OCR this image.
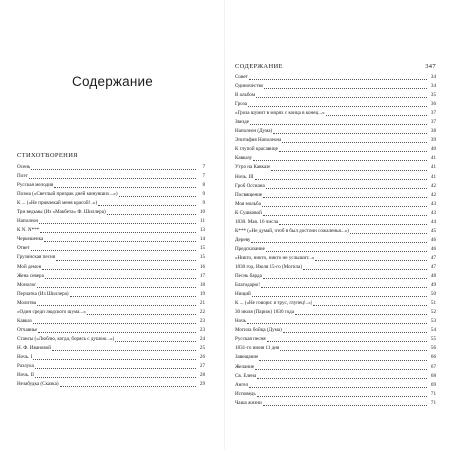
Содержание
СТИХОТВОРЕНИЯ
Осень	7
Поэт	7
Русская мелодия	8
Поэма («Светлый призрак дней минувших...»)	9
К ... («Не привлекай меня красой!..»)	9
Три ведьмы (Из «Макбета» Ф. Шиллера)	10
Наполеон	11
К N. N***	13
Черкешенка	14
Ответ	15
Грузинская песня	15
Мой демон	16
Жена севера	17
Монолог	18
Перчатка (Из Шиллера)	19
Молитва	21
«Один среди людского шума...»	22
Кавказ	23
Отчаянье	23
Стансы («Люблю, когда, борясь с душою...»)	24
Н. Ф. Ивановой	25
Ночь. I	26
Разлука	27
Ночь. II	28
Незабудка (Сказка)	29
СОДЕРЖАНИЕ	347
Совет	34
Одиночество	34
В альбом	35
Гроза	36
«Гроза шумит в морях с конца в конец...»	37
Звезде	37
Наполеон (Дума)	38
Эпитафия Наполеона	39
К глупой красавице	40
Кавказу	41
Утро на Кавказе	41
Ночь. III	41
Гроб Оссиана	42
Посвящение	42
Моя мольба	43
К Сушковой	43
1830. Мая. 16 числа	44
К*** («Не думай, чтоб я был достоин сожаленья...»)	45
Дереву	46
Предсказание	46
«Никто, никто, никто не услышит...»	47
1830 год. Июля 15-го (Могила)	47
Песнь барда	48
Благодарю!	49
Нищий	50
К ... («Не говори: я трус, глупец!..»)	51
30 июля (Париж) 1830 года	52
Ночь	53
Могила бойца (Дума)	54
Русская песня	55
1831-го июня 11 дня	56
Завещание	66
Желание	67
Св. Елена	68
Ангел	69
Исповедь	71
Чаша жизни	71
